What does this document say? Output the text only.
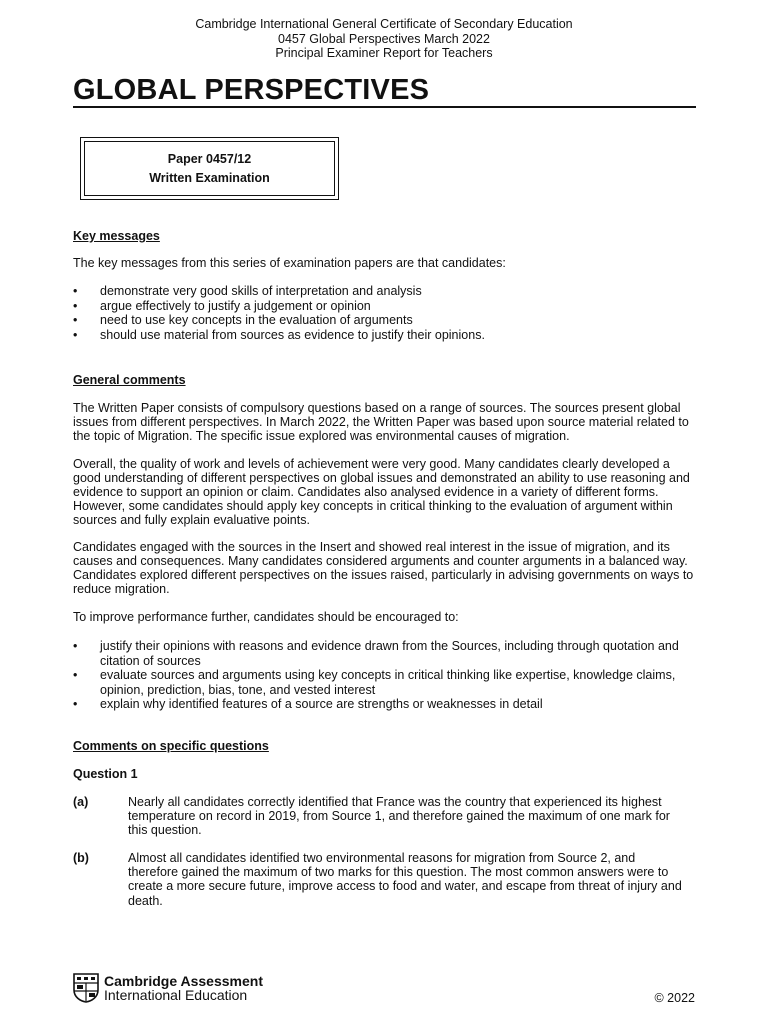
Cambridge International General Certificate of Secondary Education
0457 Global Perspectives March 2022
Principal Examiner Report for Teachers
GLOBAL PERSPECTIVES
Paper 0457/12
Written Examination
Key messages
The key messages from this series of examination papers are that candidates:
• demonstrate very good skills of interpretation and analysis
• argue effectively to justify a judgement or opinion
• need to use key concepts in the evaluation of arguments
• should use material from sources as evidence to justify their opinions.
General comments
The Written Paper consists of compulsory questions based on a range of sources. The sources present global issues from different perspectives. In March 2022, the Written Paper was based upon source material related to the topic of Migration. The specific issue explored was environmental causes of migration.
Overall, the quality of work and levels of achievement were very good. Many candidates clearly developed a good understanding of different perspectives on global issues and demonstrated an ability to use reasoning and evidence to support an opinion or claim. Candidates also analysed evidence in a variety of different forms. However, some candidates should apply key concepts in critical thinking to the evaluation of argument within sources and fully explain evaluative points.
Candidates engaged with the sources in the Insert and showed real interest in the issue of migration, and its causes and consequences. Many candidates considered arguments and counter arguments in a balanced way. Candidates explored different perspectives on the issues raised, particularly in advising governments on ways to reduce migration.
To improve performance further, candidates should be encouraged to:
• justify their opinions with reasons and evidence drawn from the Sources, including through quotation and citation of sources
• evaluate sources and arguments using key concepts in critical thinking like expertise, knowledge claims, opinion, prediction, bias, tone, and vested interest
• explain why identified features of a source are strengths or weaknesses in detail
Comments on specific questions
Question 1
(a)	Nearly all candidates correctly identified that France was the country that experienced its highest temperature on record in 2019, from Source 1, and therefore gained the maximum of one mark for this question.
(b)	Almost all candidates identified two environmental reasons for migration from Source 2, and therefore gained the maximum of two marks for this question. The most common answers were to create a more secure future, improve access to food and water, and escape from threat of injury and death.
Cambridge Assessment
International Education	© 2022
